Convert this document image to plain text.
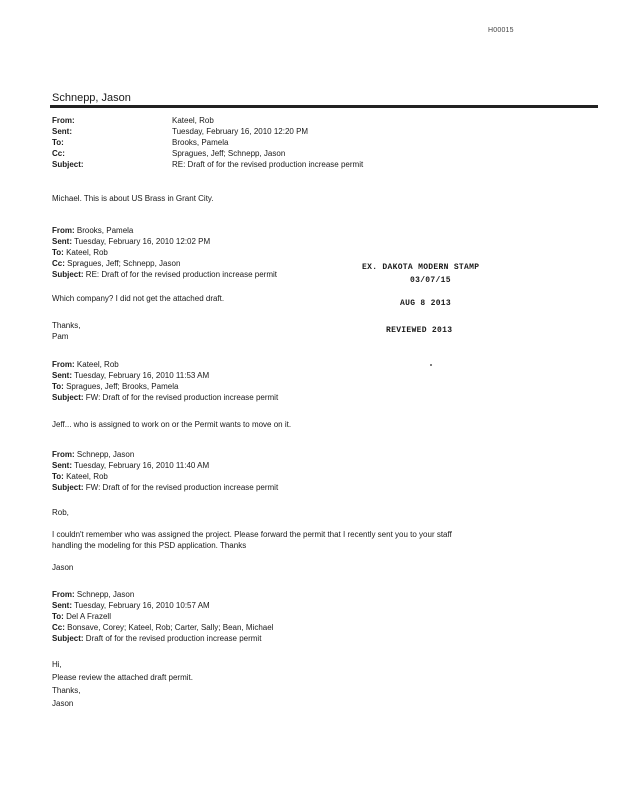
H00015
Schnepp, Jason
From:	Kateel, Rob
Sent:	Tuesday, February 16, 2010 12:20 PM
To:	Brooks, Pamela
Cc:	Spragues, Jeff; Schnepp, Jason
Subject:	RE: Draft of for the revised production increase permit
Michael. This is about US Brass in Grant City.
From: Brooks, Pamela
Sent: Tuesday, February 16, 2010 12:02 PM
To: Kateel, Rob
Cc: Spragues, Jeff; Schnepp, Jason
Subject: RE: Draft of for the revised production increase permit
Which company? I did not get the attached draft.
Thanks,
Pam
EX. DAKOTA MODERN STAMP
03/07/15
AUG 8 2013
REVIEWED 2013
From: Kateel, Rob
Sent: Tuesday, February 16, 2010 11:53 AM
To: Spragues, Jeff; Brooks, Pamela
Subject: FW: Draft of for the revised production increase permit
Jeff... who is assigned to work on or the Permit wants to move on it.
From: Schnepp, Jason
Sent: Tuesday, February 16, 2010 11:40 AM
To: Kateel, Rob
Subject: FW: Draft of for the revised production increase permit
Rob,
I couldn't remember who was assigned the project. Please forward the permit that I recently sent you to your staff
handling the modeling for this PSD application. Thanks
Jason
From: Schnepp, Jason
Sent: Tuesday, February 16, 2010 10:57 AM
To: Del A Frazell
Cc: Bonsave, Corey; Kateel, Rob; Carter, Sally; Bean, Michael
Subject: Draft of for the revised production increase permit
Hi,
Please review the attached draft permit.
Thanks,
Jason
